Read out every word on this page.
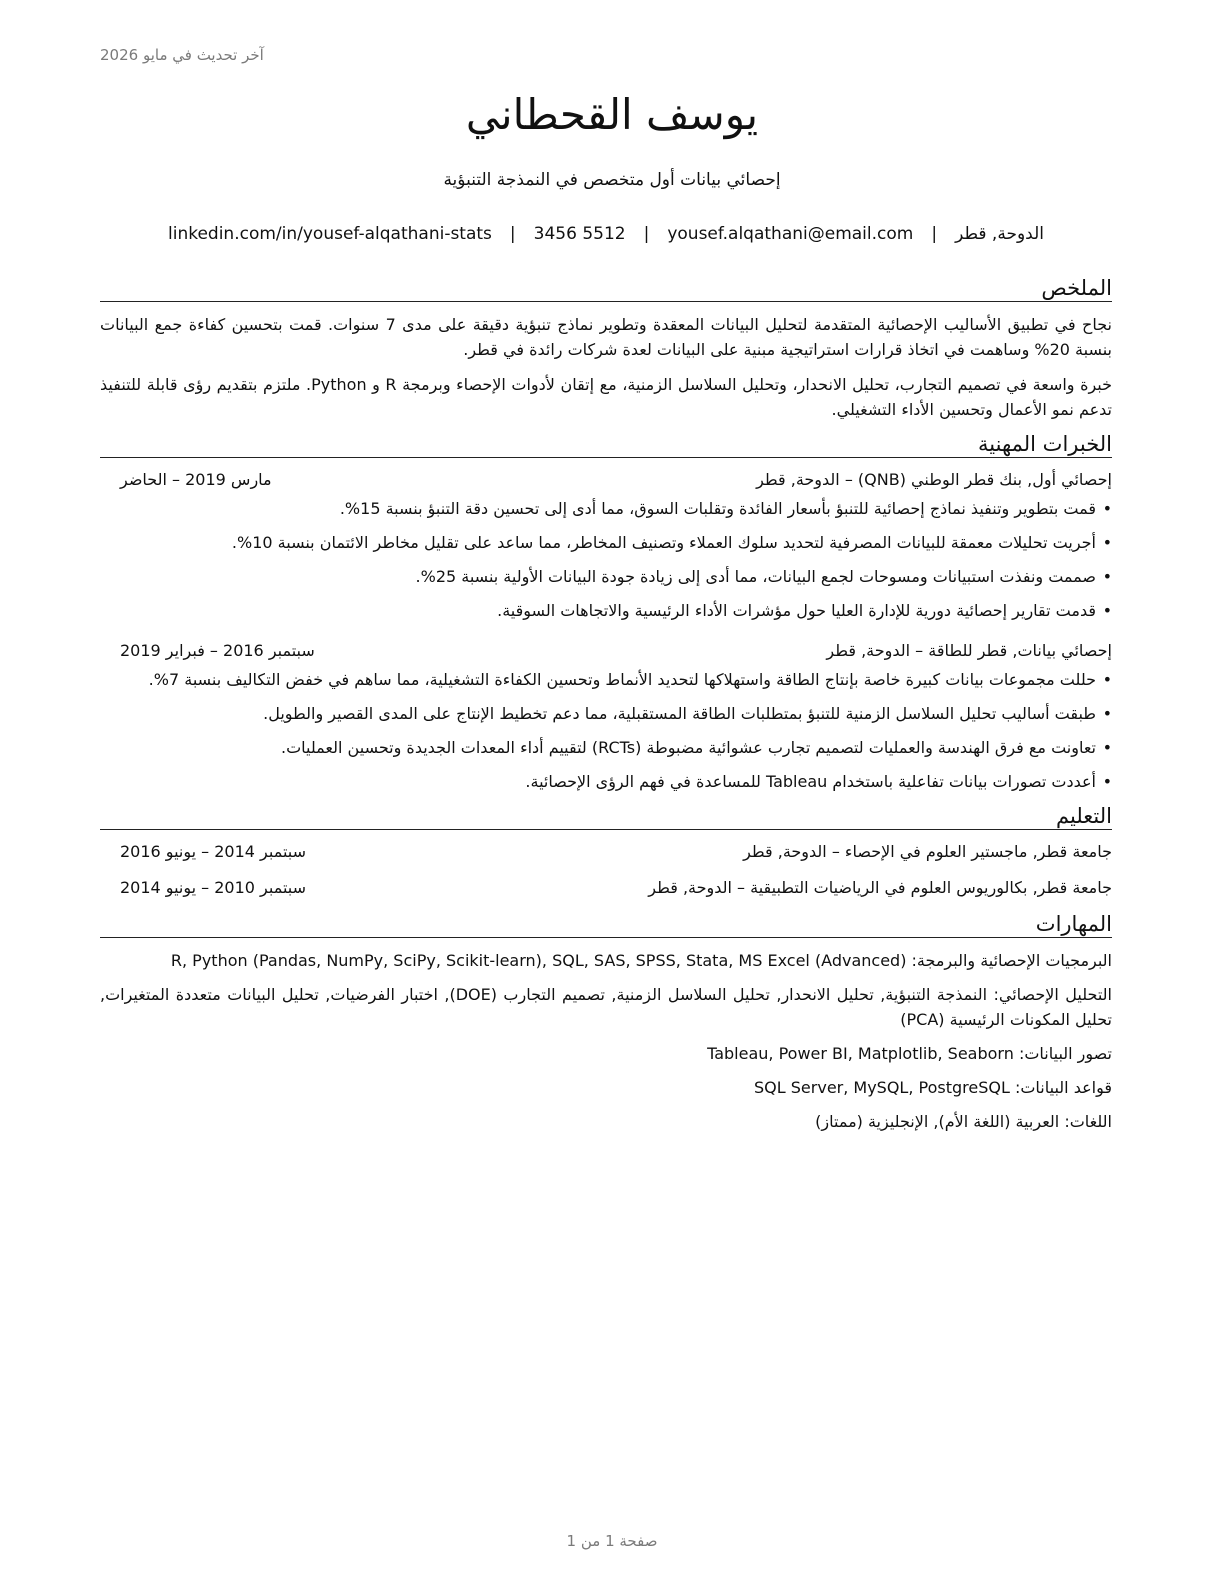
آخر تحديث في مايو 2026
يوسف القحطاني
إحصائي بيانات أول متخصص في النمذجة التنبؤية
الدوحة, قطر
|
yousef.alqathani@email.com
|
3456 5512
|
linkedin.com/in/yousef-alqathani-stats
الملخص

نجاح في تطبيق الأساليب الإحصائية المتقدمة لتحليل البيانات المعقدة وتطوير نماذج تنبؤية دقيقة على مدى 7 سنوات. قمت بتحسين كفاءة جمع البيانات بنسبة 20% وساهمت في اتخاذ قرارات استراتيجية مبنية على البيانات لعدة شركات رائدة في قطر.

خبرة واسعة في تصميم التجارب، تحليل الانحدار، وتحليل السلاسل الزمنية، مع إتقان لأدوات الإحصاء وبرمجة R و Python. ملتزم بتقديم رؤى قابلة للتنفيذ تدعم نمو الأعمال وتحسين الأداء التشغيلي.

الخبرات المهنية
إحصائي أول, بنك قطر الوطني (QNB) – الدوحة, قطر
مارس 2019 – الحاضر
• قمت بتطوير وتنفيذ نماذج إحصائية للتنبؤ بأسعار الفائدة وتقلبات السوق، مما أدى إلى تحسين دقة التنبؤ بنسبة 15%.
• أجريت تحليلات معمقة للبيانات المصرفية لتحديد سلوك العملاء وتصنيف المخاطر، مما ساعد على تقليل مخاطر الائتمان بنسبة 10%.
• صممت ونفذت استبيانات ومسوحات لجمع البيانات، مما أدى إلى زيادة جودة البيانات الأولية بنسبة 25%.
• قدمت تقارير إحصائية دورية للإدارة العليا حول مؤشرات الأداء الرئيسية والاتجاهات السوقية.
إحصائي بيانات, قطر للطاقة – الدوحة, قطر
سبتمبر 2016 – فبراير 2019
• حللت مجموعات بيانات كبيرة خاصة بإنتاج الطاقة واستهلاكها لتحديد الأنماط وتحسين الكفاءة التشغيلية، مما ساهم في خفض التكاليف بنسبة 7%.
• طبقت أساليب تحليل السلاسل الزمنية للتنبؤ بمتطلبات الطاقة المستقبلية، مما دعم تخطيط الإنتاج على المدى القصير والطويل.
• تعاونت مع فرق الهندسة والعمليات لتصميم تجارب عشوائية مضبوطة (RCTs) لتقييم أداء المعدات الجديدة وتحسين العمليات.
• أعددت تصورات بيانات تفاعلية باستخدام Tableau للمساعدة في فهم الرؤى الإحصائية.
التعليم
جامعة قطر, ماجستير العلوم في الإحصاء – الدوحة, قطر
سبتمبر 2014 – يونيو 2016
جامعة قطر, بكالوريوس العلوم في الرياضيات التطبيقية – الدوحة, قطر
سبتمبر 2010 – يونيو 2014
المهارات
البرمجيات الإحصائية والبرمجة: R, Python (Pandas, NumPy, SciPy, Scikit-learn), SQL, SAS, SPSS, Stata, MS Excel (Advanced)
التحليل الإحصائي: النمذجة التنبؤية, تحليل الانحدار, تحليل السلاسل الزمنية, تصميم التجارب (DOE), اختبار الفرضيات, تحليل البيانات متعددة المتغيرات, تحليل المكونات الرئيسية (PCA)
تصور البيانات: Tableau, Power BI, Matplotlib, Seaborn
قواعد البيانات: SQL Server, MySQL, PostgreSQL
اللغات: العربية (اللغة الأم), الإنجليزية (ممتاز)
صفحة 1 من 1
